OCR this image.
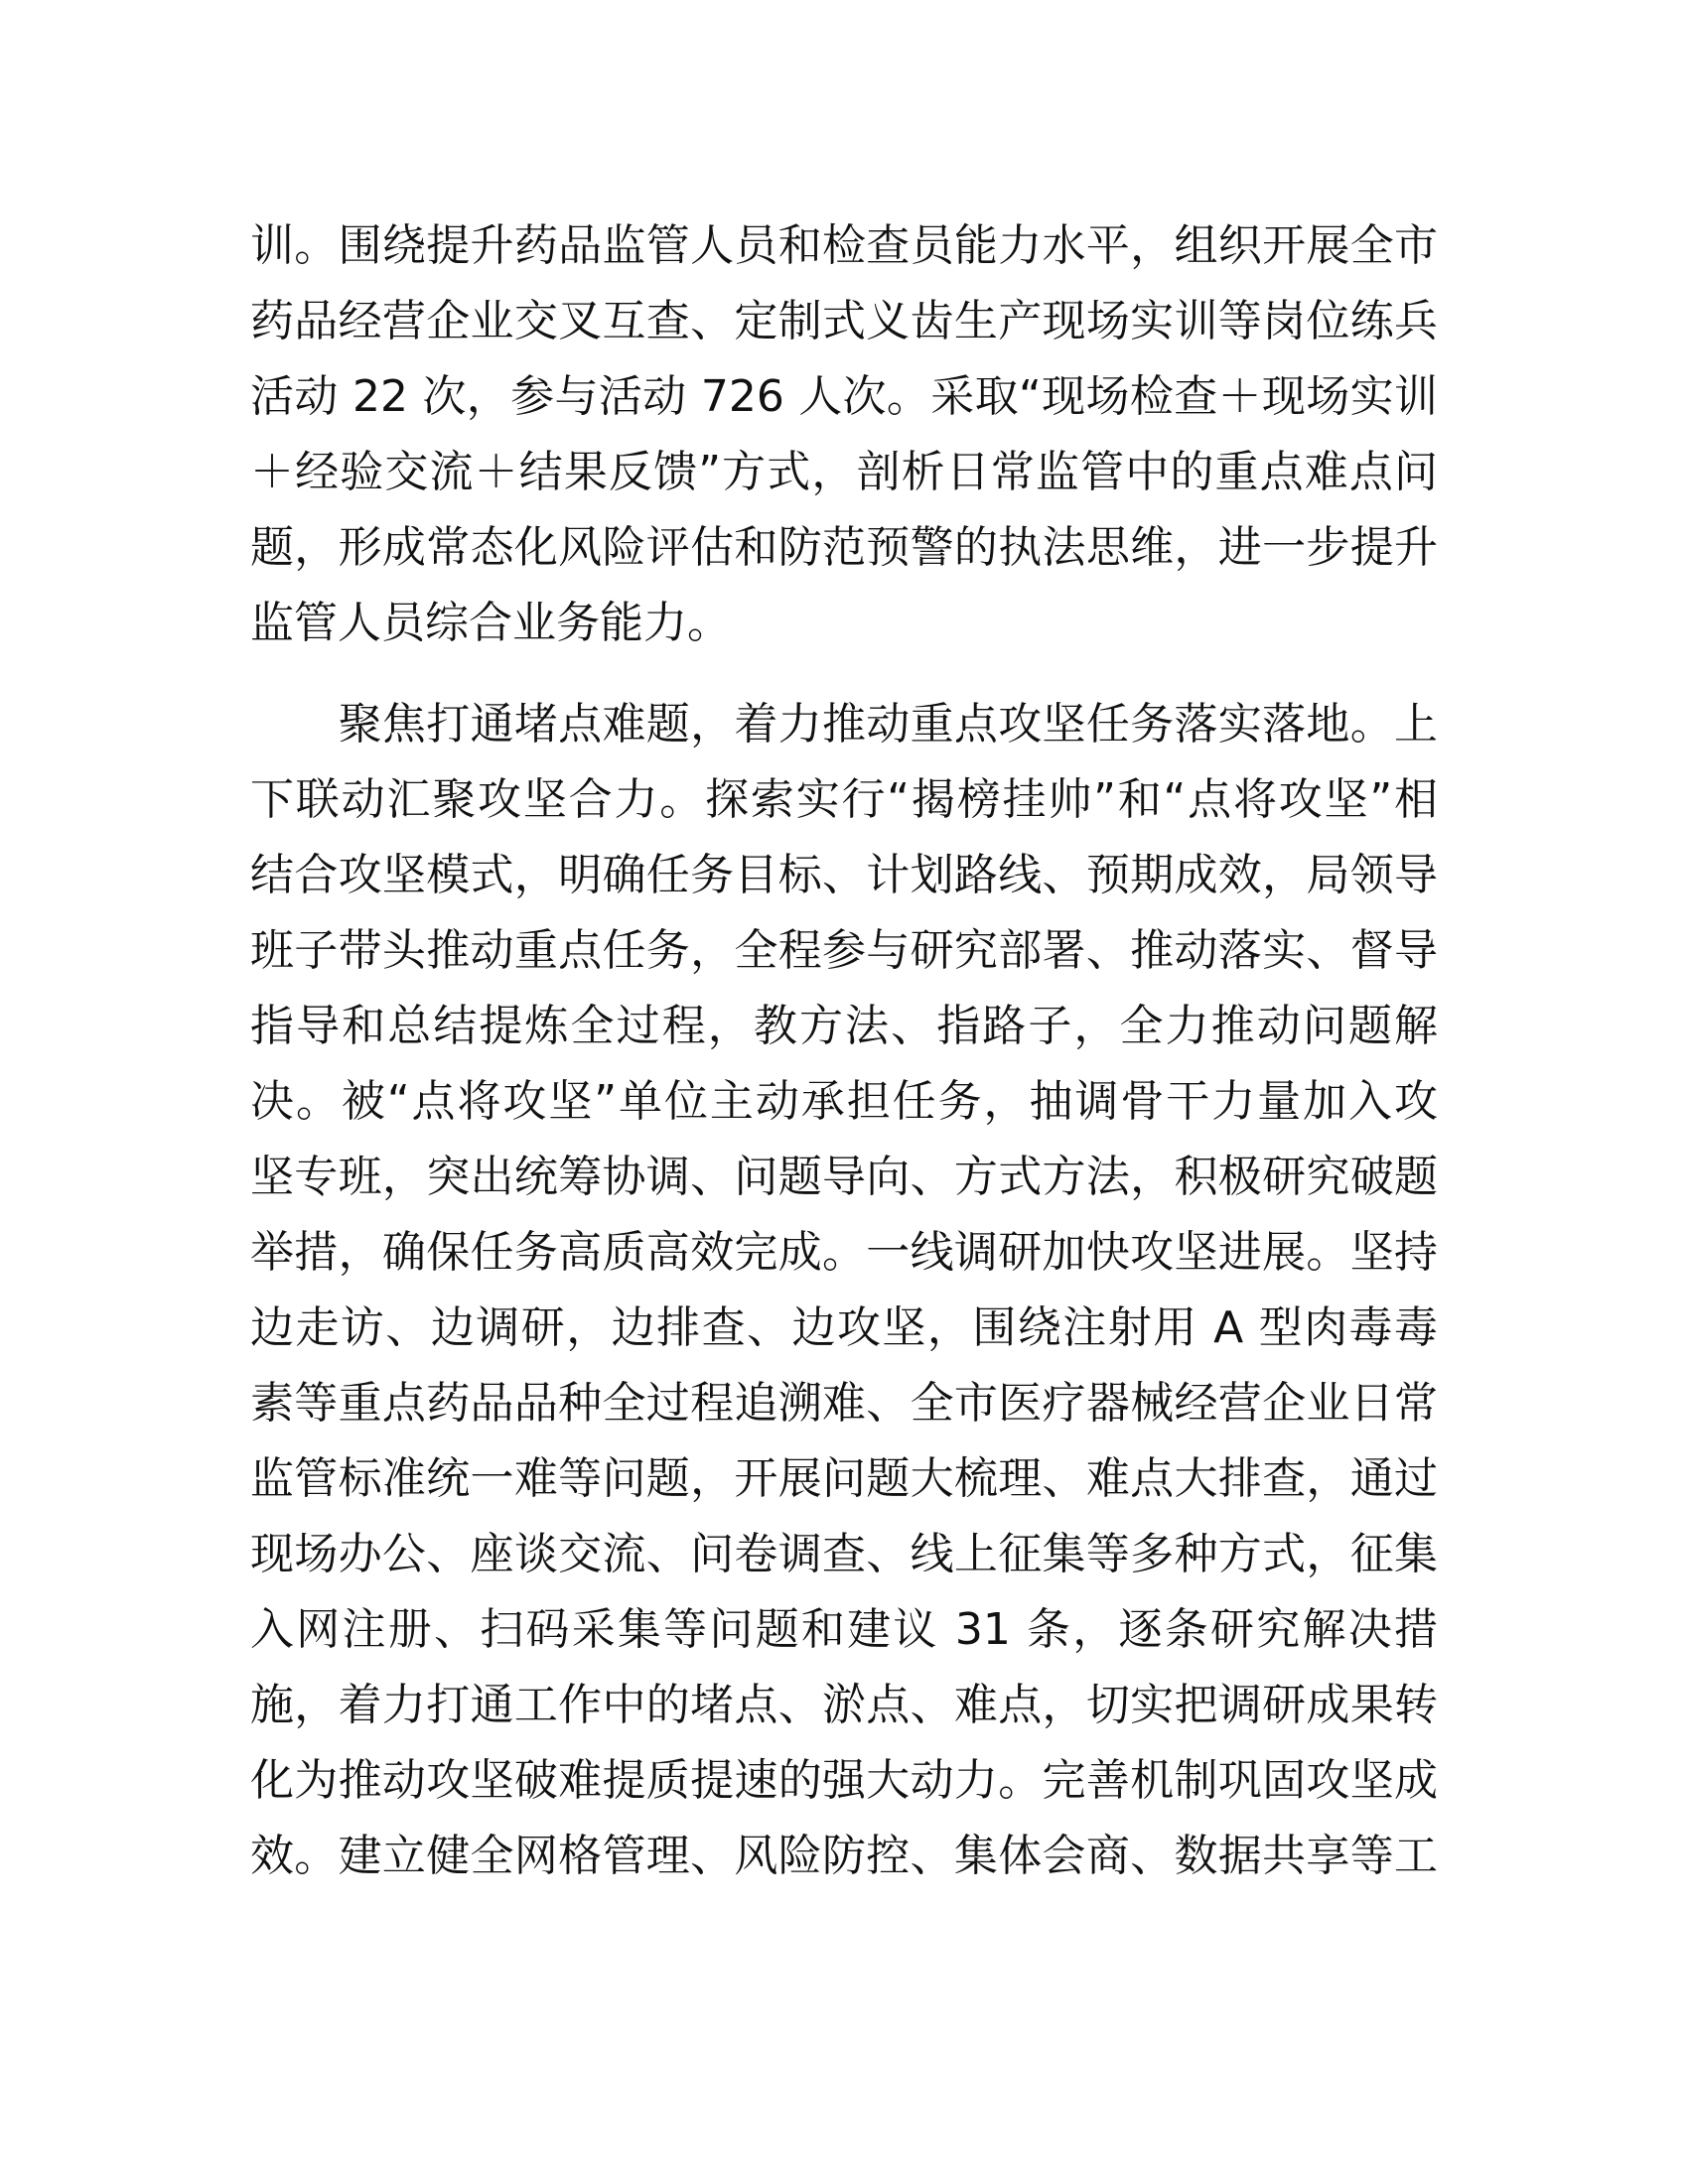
训。围绕提升药品监管人员和检查员能力水平，组织开展全市
药品经营企业交叉互查、定制式义齿生产现场实训等岗位练兵
活动 22 次，参与活动 726 人次。采取“现场检查＋现场实训
＋经验交流＋结果反馈”方式，剖析日常监管中的重点难点问
题，形成常态化风险评估和防范预警的执法思维，进一步提升
监管人员综合业务能力。
　　聚焦打通堵点难题，着力推动重点攻坚任务落实落地。上
下联动汇聚攻坚合力。探索实行“揭榜挂帅”和“点将攻坚”相
结合攻坚模式，明确任务目标、计划路线、预期成效，局领导
班子带头推动重点任务，全程参与研究部署、推动落实、督导
指导和总结提炼全过程，教方法、指路子，全力推动问题解
决。被“点将攻坚”单位主动承担任务，抽调骨干力量加入攻
坚专班，突出统筹协调、问题导向、方式方法，积极研究破题
举措，确保任务高质高效完成。一线调研加快攻坚进展。坚持
边走访、边调研，边排查、边攻坚，围绕注射用 A 型肉毒毒
素等重点药品品种全过程追溯难、全市医疗器械经营企业日常
监管标准统一难等问题，开展问题大梳理、难点大排查，通过
现场办公、座谈交流、问卷调查、线上征集等多种方式，征集
入网注册、扫码采集等问题和建议 31 条，逐条研究解决措
施，着力打通工作中的堵点、淤点、难点，切实把调研成果转
化为推动攻坚破难提质提速的强大动力。完善机制巩固攻坚成
效。建立健全网格管理、风险防控、集体会商、数据共享等工
